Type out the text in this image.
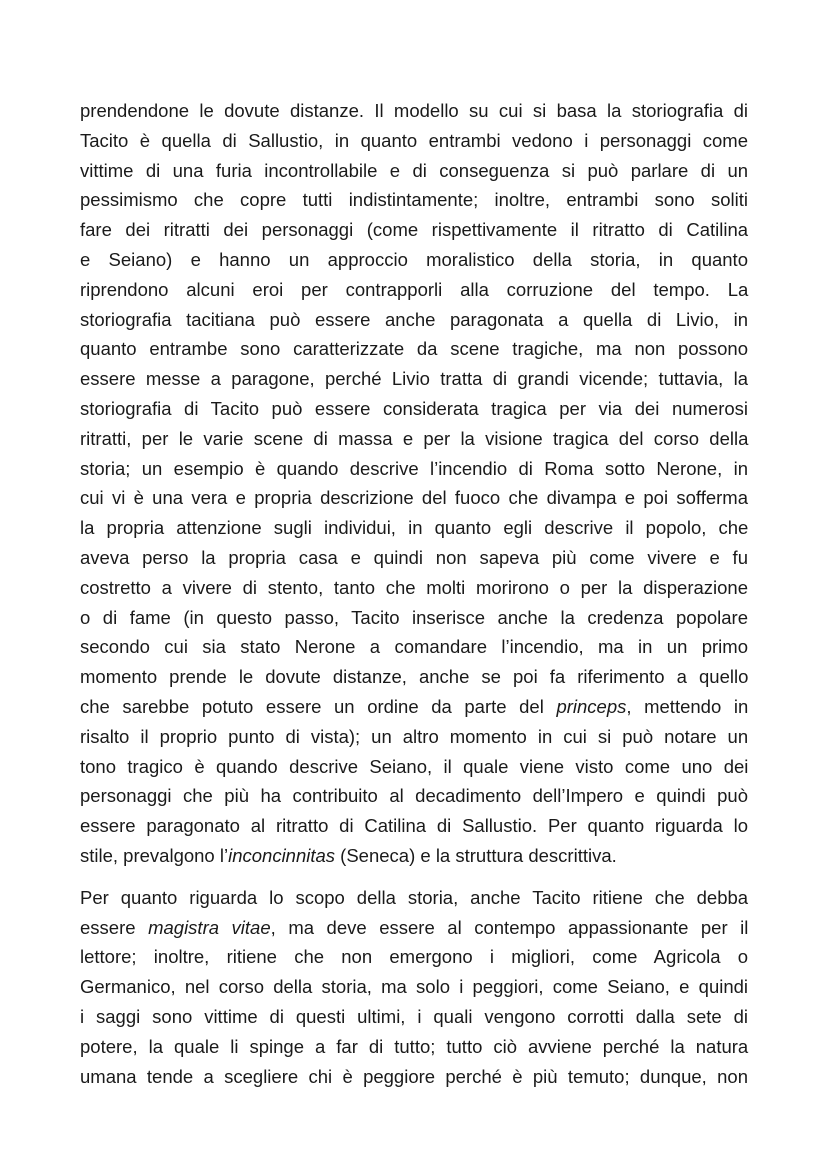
prendendone le dovute distanze. Il modello su cui si basa la storiografia di
Tacito è quella di Sallustio, in quanto entrambi vedono i personaggi come
vittime di una furia incontrollabile e di conseguenza si può parlare di un
pessimismo che copre tutti indistintamente; inoltre, entrambi sono soliti
fare dei ritratti dei personaggi (come rispettivamente il ritratto di Catilina
e Seiano) e hanno un approccio moralistico della storia, in quanto
riprendono alcuni eroi per contrapporli alla corruzione del tempo. La
storiografia tacitiana può essere anche paragonata a quella di Livio, in
quanto entrambe sono caratterizzate da scene tragiche, ma non possono
essere messe a paragone, perché Livio tratta di grandi vicende; tuttavia, la
storiografia di Tacito può essere considerata tragica per via dei numerosi
ritratti, per le varie scene di massa e per la visione tragica del corso della
storia; un esempio è quando descrive l’incendio di Roma sotto Nerone, in
cui vi è una vera e propria descrizione del fuoco che divampa e poi sofferma
la propria attenzione sugli individui, in quanto egli descrive il popolo, che
aveva perso la propria casa e quindi non sapeva più come vivere e fu
costretto a vivere di stento, tanto che molti morirono o per la disperazione
o di fame (in questo passo, Tacito inserisce anche la credenza popolare
secondo cui sia stato Nerone a comandare l’incendio, ma in un primo
momento prende le dovute distanze, anche se poi fa riferimento a quello
che sarebbe potuto essere un ordine da parte del princeps, mettendo in
risalto il proprio punto di vista); un altro momento in cui si può notare un
tono tragico è quando descrive Seiano, il quale viene visto come uno dei
personaggi che più ha contribuito al decadimento dell’Impero e quindi può
essere paragonato al ritratto di Catilina di Sallustio. Per quanto riguarda lo
stile, prevalgono l’inconcinnitas (Seneca) e la struttura descrittiva.

Per quanto riguarda lo scopo della storia, anche Tacito ritiene che debba
essere magistra vitae, ma deve essere al contempo appassionante per il
lettore; inoltre, ritiene che non emergono i migliori, come Agricola o
Germanico, nel corso della storia, ma solo i peggiori, come Seiano, e quindi
i saggi sono vittime di questi ultimi, i quali vengono corrotti dalla sete di
potere, la quale li spinge a far di tutto; tutto ciò avviene perché la natura
umana tende a scegliere chi è peggiore perché è più temuto; dunque, non
